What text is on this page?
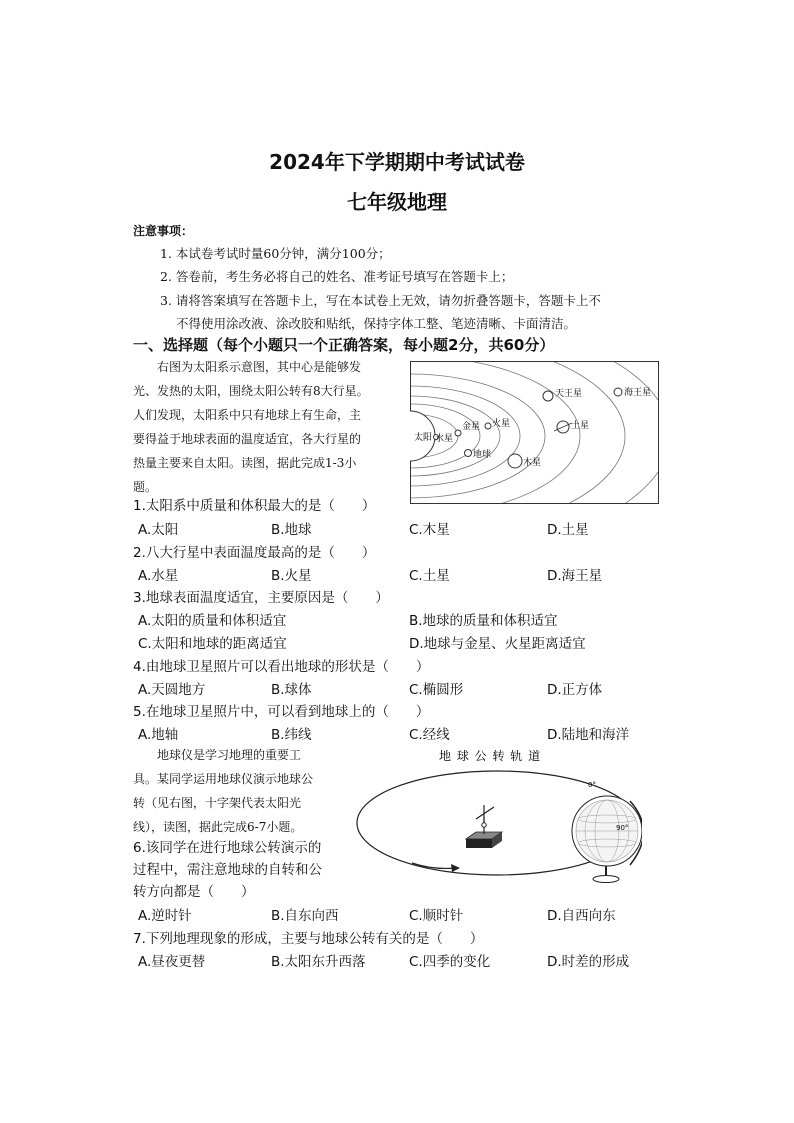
2024年下学期期中考试试卷
七年级地理
注意事项：
1. 本试卷考试时量60分钟，满分100分；
2. 答卷前，考生务必将自己的姓名、准考证号填写在答题卡上；
3. 请将答案填写在答题卡上，写在本试卷上无效，请勿折叠答题卡，答题卡上不
不得使用涂改液、涂改胶和贴纸，保持字体工整、笔迹清晰、卡面清洁。
一、选择题（每个小题只一个正确答案，每小题2分，共60分）
右图为太阳系示意图，其中心是能够发
光、发热的太阳，围绕太阳公转有8大行星。
人们发现，太阳系中只有地球上有生命，主
要得益于地球表面的温度适宜，各大行星的
热量主要来自太阳。读图，据此完成1-3小
题。
太阳 水星
金星 火星
地球
木星
土星
天王星	海王星
1.太阳系中质量和体积最大的是（　　）
A.太阳	B.地球	C.木星	D.土星
2.八大行星中表面温度最高的是（　　）
A.水星	B.火星	C.土星	D.海王星
3.地球表面温度适宜，主要原因是（　　）
A.太阳的质量和体积适宜	B.地球的质量和体积适宜
C.太阳和地球的距离适宜	D.地球与金星、火星距离适宜
4.由地球卫星照片可以看出地球的形状是（　　）
A.天圆地方	B.球体	C.椭圆形	D.正方体
5.在地球卫星照片中，可以看到地球上的（　　）
A.地轴	B.纬线	C.经线	D.陆地和海洋
地球仪是学习地理的重要工
具。某同学运用地球仪演示地球公
转（见右图，十字架代表太阳光
线），读图，据此完成6-7小题。
地 球 公 转 轨 道
0°
90°
6.该同学在进行地球公转演示的
过程中，需注意地球的自转和公
转方向都是（　　）
A.逆时针	B.自东向西	C.顺时针	D.自西向东
7.下列地理现象的形成，主要与地球公转有关的是（　　）
A.昼夜更替	B.太阳东升西落	C.四季的变化	D.时差的形成
